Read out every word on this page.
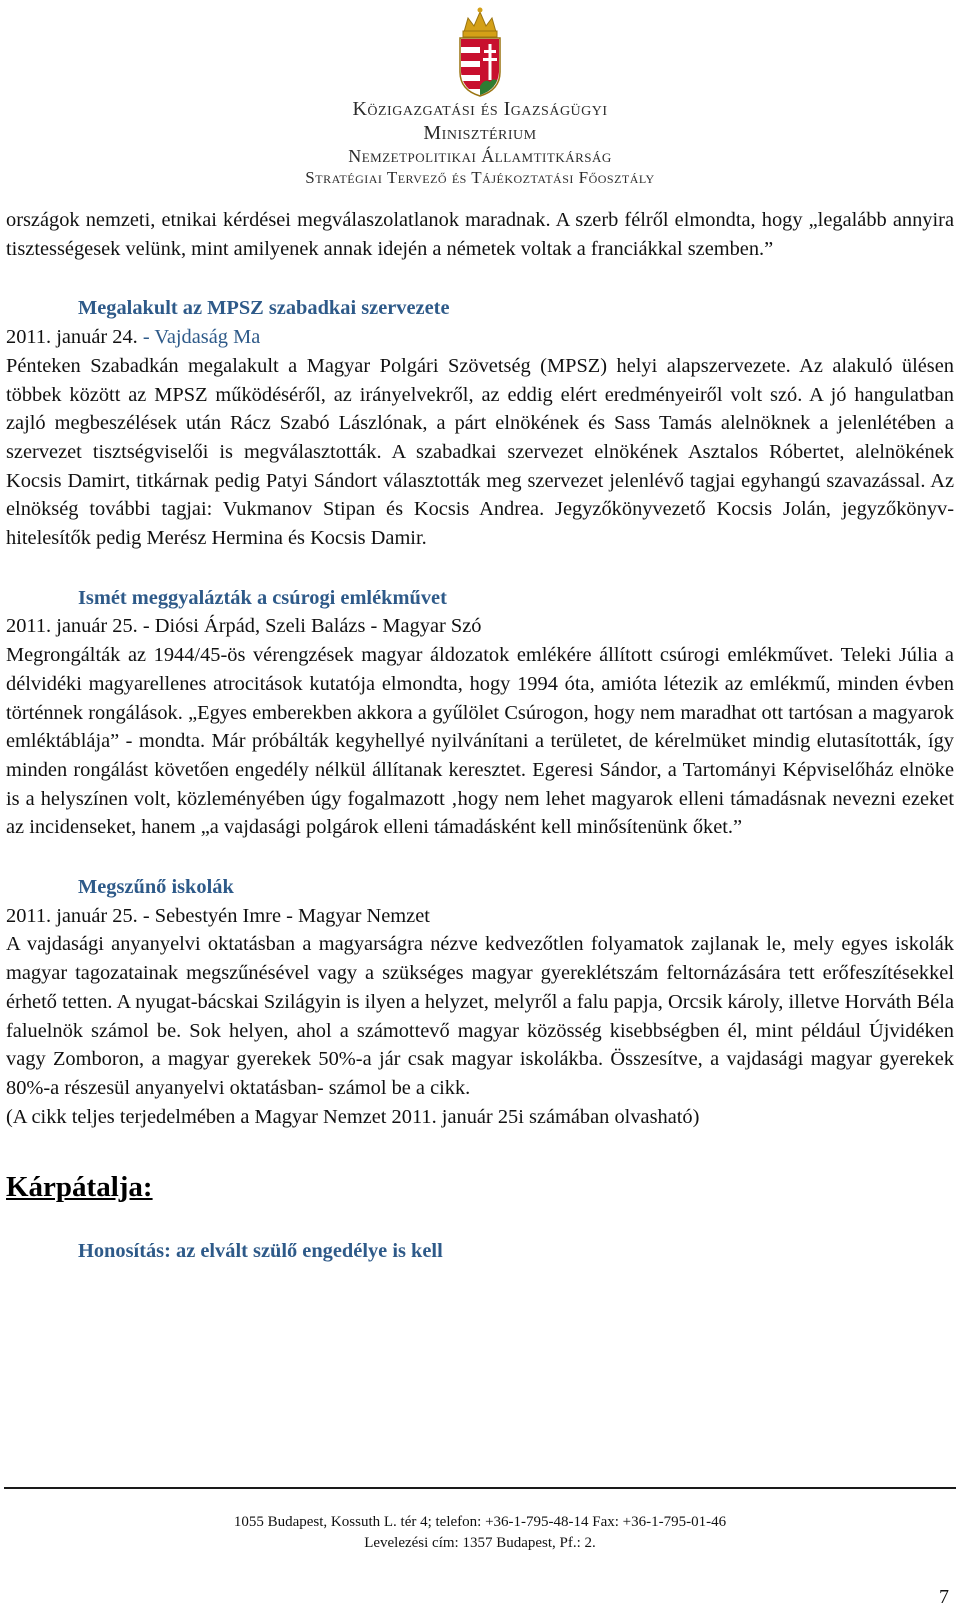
Közigazgatási és Igazságügyi
Minisztérium
Nemzetpolitikai Államtitkárság
Stratégiai Tervező és Tájékoztatási Főosztály

országok nemzeti, etnikai kérdései megválaszolatlanok maradnak. A szerb félről elmondta, hogy „legalább annyira tisztességesek velünk, mint amilyenek annak idején a németek voltak a franciákkal szemben.”

Megalakult az MPSZ szabadkai szervezete

2011. január 24. - Vajdaság Ma

Pénteken Szabadkán megalakult a Magyar Polgári Szövetség (MPSZ) helyi alapszervezete. Az alakuló ülésen többek között az MPSZ működéséről, az irányelvekről, az eddig elért eredményeiről volt szó. A jó hangulatban zajló megbeszélések után Rácz Szabó Lászlónak, a párt elnökének és Sass Tamás alelnöknek a jelenlétében a szervezet tisztségviselői is megválasztották. A szabadkai szervezet elnökének Asztalos Róbertet, alelnökének Kocsis Damirt, titkárnak pedig Patyi Sándort választották meg szervezet jelenlévő tagjai egyhangú szavazással. Az elnökség további tagjai: Vukmanov Stipan és Kocsis Andrea. Jegyzőkönyvezető Kocsis Jolán, jegyzőkönyv-hitelesítők pedig Merész Hermina és Kocsis Damir.

Ismét meggyalázták a csúrogi emlékművet

2011. január 25. - Diósi Árpád, Szeli Balázs - Magyar Szó

Megrongálták az 1944/45-ös vérengzések magyar áldozatok emlékére állított csúrogi emlékművet. Teleki Júlia a délvidéki magyarellenes atrocitások kutatója elmondta, hogy 1994 óta, amióta létezik az emlékmű, minden évben történnek rongálások. „Egyes emberekben akkora a gyűlölet Csúrogon, hogy nem maradhat ott tartósan a magyarok emléktáblája” - mondta. Már próbálták kegyhellyé nyilvánítani a területet, de kérelmüket mindig elutasították, így minden rongálást követően engedély nélkül állítanak keresztet. Egeresi Sándor, a Tartományi Képviselőház elnöke is a helyszínen volt, közleményében úgy fogalmazott ‚hogy nem lehet magyarok elleni támadásnak nevezni ezeket az incidenseket, hanem „a vajdasági polgárok elleni támadásként kell minősítenünk őket.”

Megszűnő iskolák

2011. január 25. - Sebestyén Imre - Magyar Nemzet

A vajdasági anyanyelvi oktatásban a magyarságra nézve kedvezőtlen folyamatok zajlanak le, mely egyes iskolák magyar tagozatainak megszűnésével vagy a szükséges magyar gyereklétszám feltornázására tett erőfeszítésekkel érhető tetten. A nyugat-bácskai Szilágyin is ilyen a helyzet, melyről a falu papja, Orcsik károly, illetve Horváth Béla faluelnök számol be. Sok helyen, ahol a számottevő magyar közösség kisebbségben él, mint például Újvidéken vagy Zomboron, a magyar gyerekek 50%-a jár csak magyar iskolákba. Összesítve, a vajdasági magyar gyerekek 80%-a részesül anyanyelvi oktatásban- számol be a cikk.

(A cikk teljes terjedelmében a Magyar Nemzet 2011. január 25i számában olvasható)

Kárpátalja:
Honosítás: az elvált szülő engedélye is kell
1055 Budapest, Kossuth L. tér 4; telefon: +36-1-795-48-14 Fax: +36-1-795-01-46
Levelezési cím: 1357 Budapest, Pf.: 2.
7
